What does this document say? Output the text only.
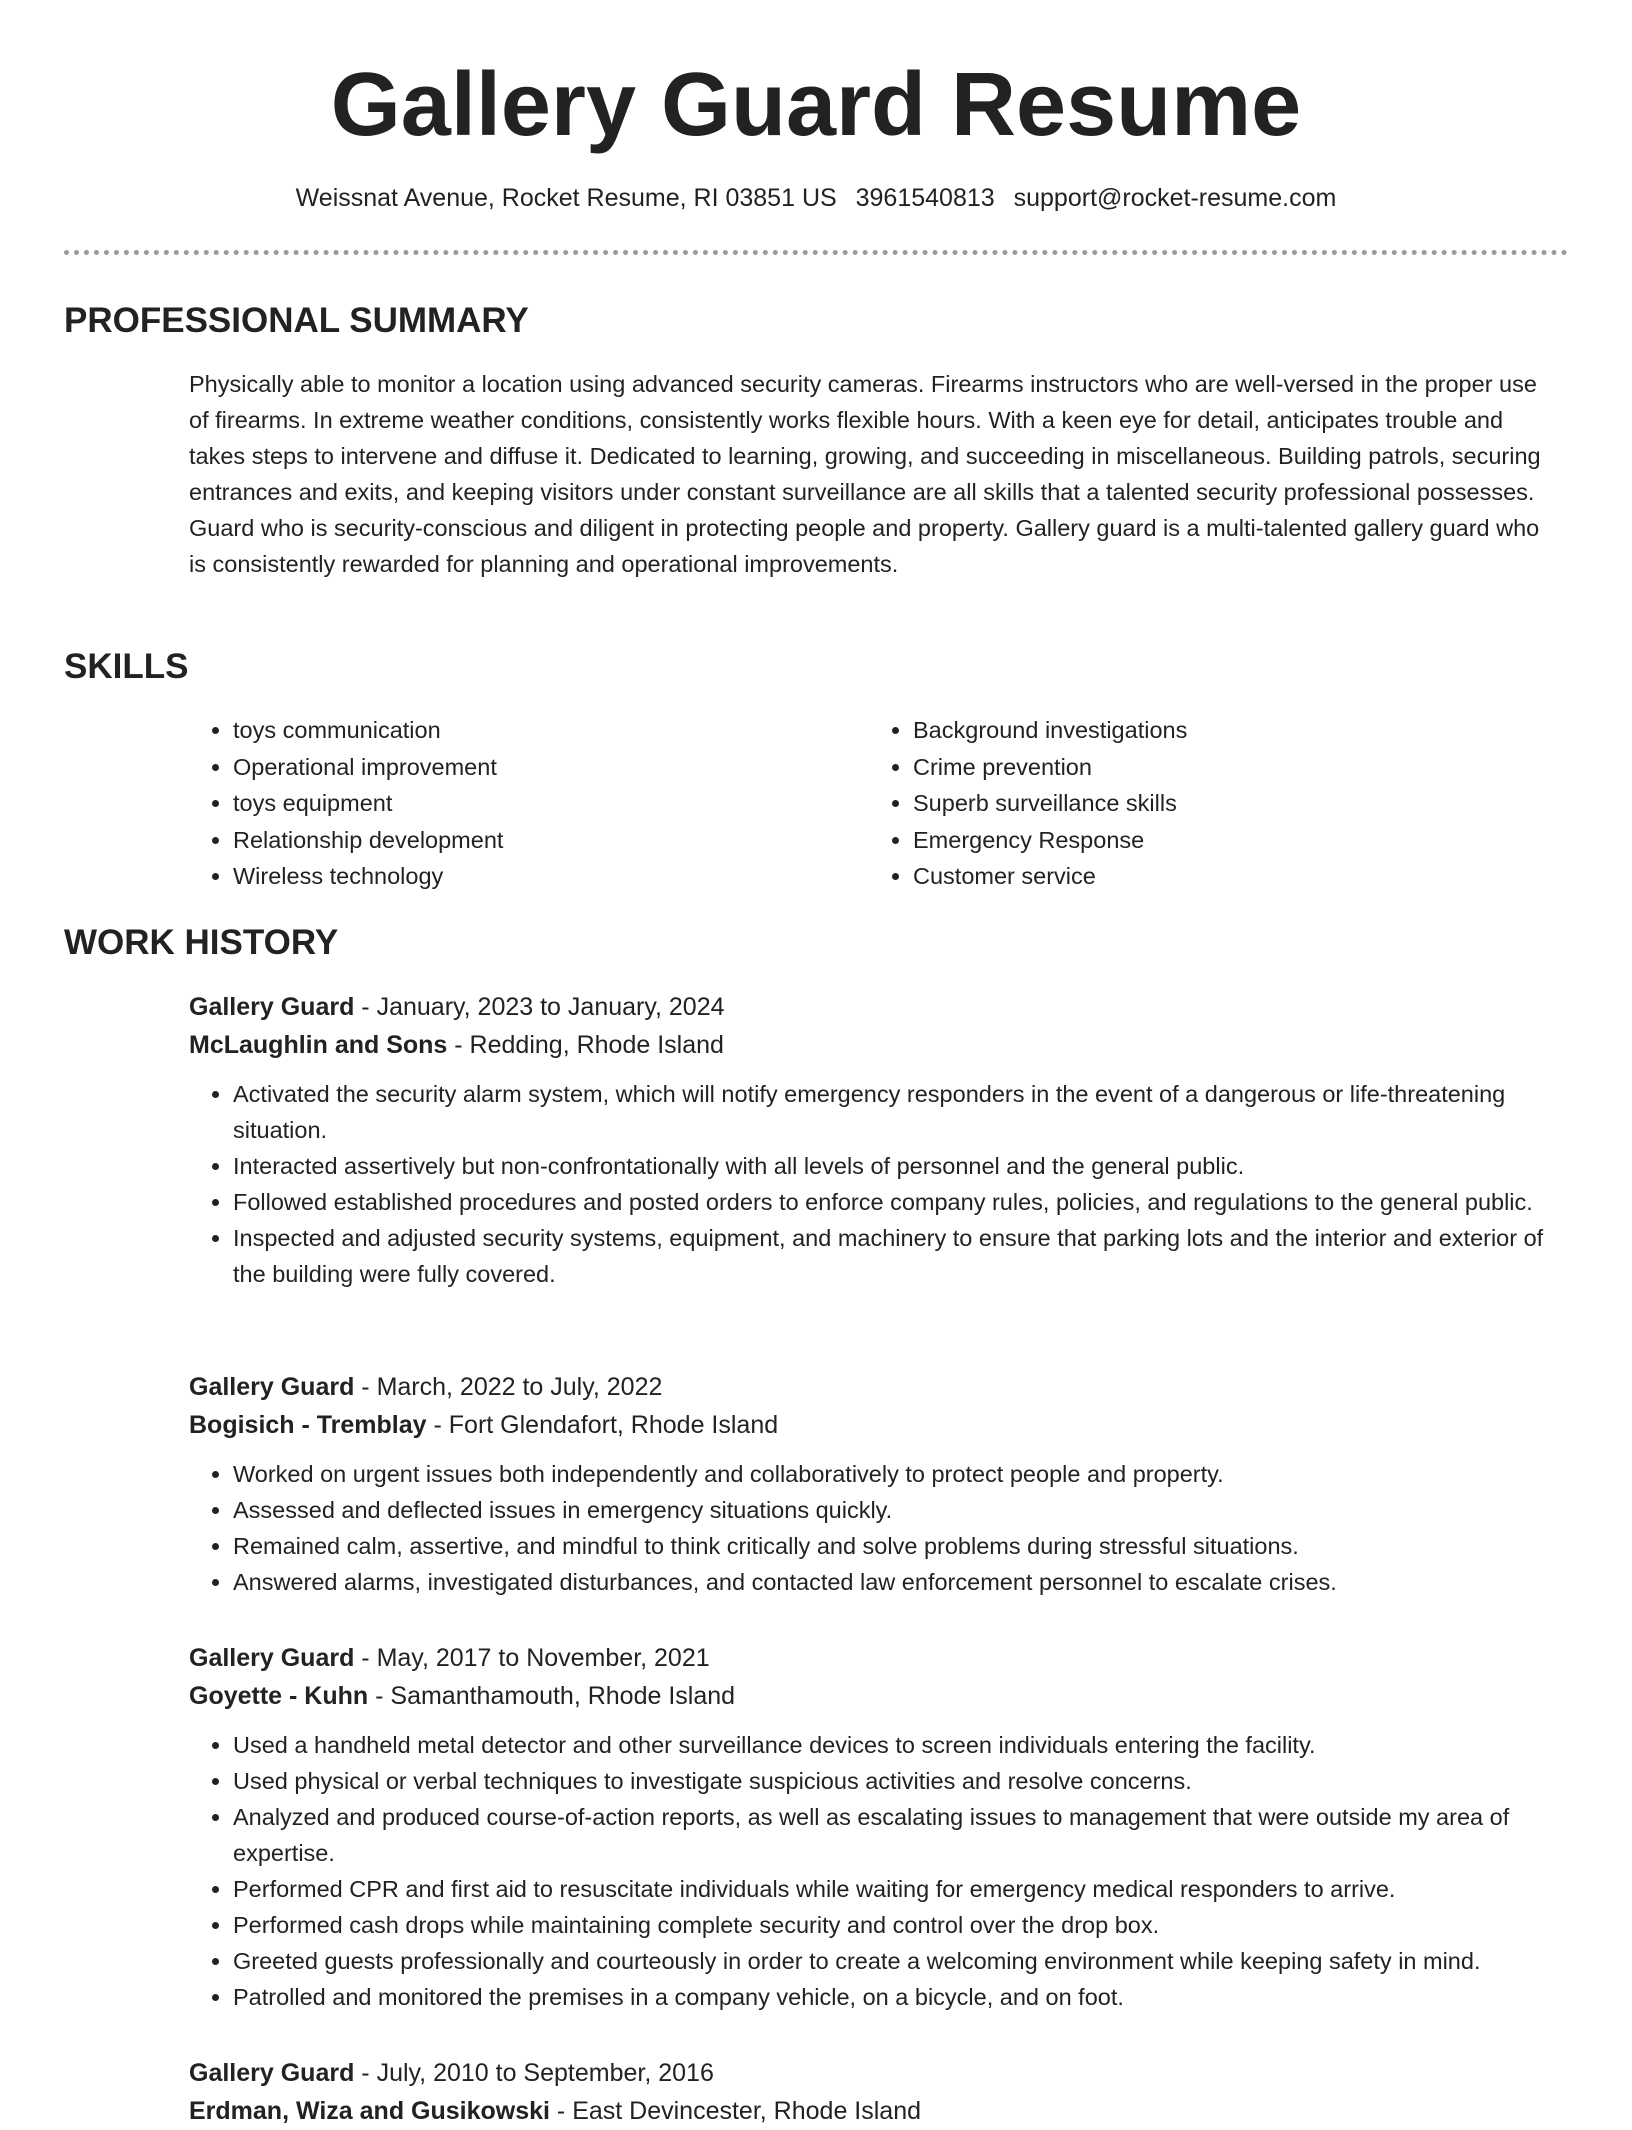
Gallery Guard Resume
Weissnat Avenue, Rocket Resume, RI 03851 US 3961540813 support@rocket-resume.com
PROFESSIONAL SUMMARY

Physically able to monitor a location using advanced security cameras. Firearms instructors who are well-versed in the proper use of firearms. In extreme weather conditions, consistently works flexible hours. With a keen eye for detail, anticipates trouble and takes steps to intervene and diffuse it. Dedicated to learning, growing, and succeeding in miscellaneous. Building patrols, securing entrances and exits, and keeping visitors under constant surveillance are all skills that a talented security professional possesses. Guard who is security-conscious and diligent in protecting people and property. Gallery guard is a multi-talented gallery guard who is consistently rewarded for planning and operational improvements.

SKILLS
• toys communication
• Operational improvement
• toys equipment
• Relationship development
• Wireless technology
• Background investigations
• Crime prevention
• Superb surveillance skills
• Emergency Response
• Customer service
WORK HISTORY
Gallery Guard - January, 2023 to January, 2024
McLaughlin and Sons - Redding, Rhode Island
• Activated the security alarm system, which will notify emergency responders in the event of a dangerous or life-threatening situation.
• Interacted assertively but non-confrontationally with all levels of personnel and the general public.
• Followed established procedures and posted orders to enforce company rules, policies, and regulations to the general public.
• Inspected and adjusted security systems, equipment, and machinery to ensure that parking lots and the interior and exterior of the building were fully covered.
Gallery Guard - March, 2022 to July, 2022
Bogisich - Tremblay - Fort Glendafort, Rhode Island
• Worked on urgent issues both independently and collaboratively to protect people and property.
• Assessed and deflected issues in emergency situations quickly.
• Remained calm, assertive, and mindful to think critically and solve problems during stressful situations.
• Answered alarms, investigated disturbances, and contacted law enforcement personnel to escalate crises.
Gallery Guard - May, 2017 to November, 2021
Goyette - Kuhn - Samanthamouth, Rhode Island
• Used a handheld metal detector and other surveillance devices to screen individuals entering the facility.
• Used physical or verbal techniques to investigate suspicious activities and resolve concerns.
• Analyzed and produced course-of-action reports, as well as escalating issues to management that were outside my area of expertise.
• Performed CPR and first aid to resuscitate individuals while waiting for emergency medical responders to arrive.
• Performed cash drops while maintaining complete security and control over the drop box.
• Greeted guests professionally and courteously in order to create a welcoming environment while keeping safety in mind.
• Patrolled and monitored the premises in a company vehicle, on a bicycle, and on foot.
Gallery Guard - July, 2010 to September, 2016
Erdman, Wiza and Gusikowski - East Devincester, Rhode Island
